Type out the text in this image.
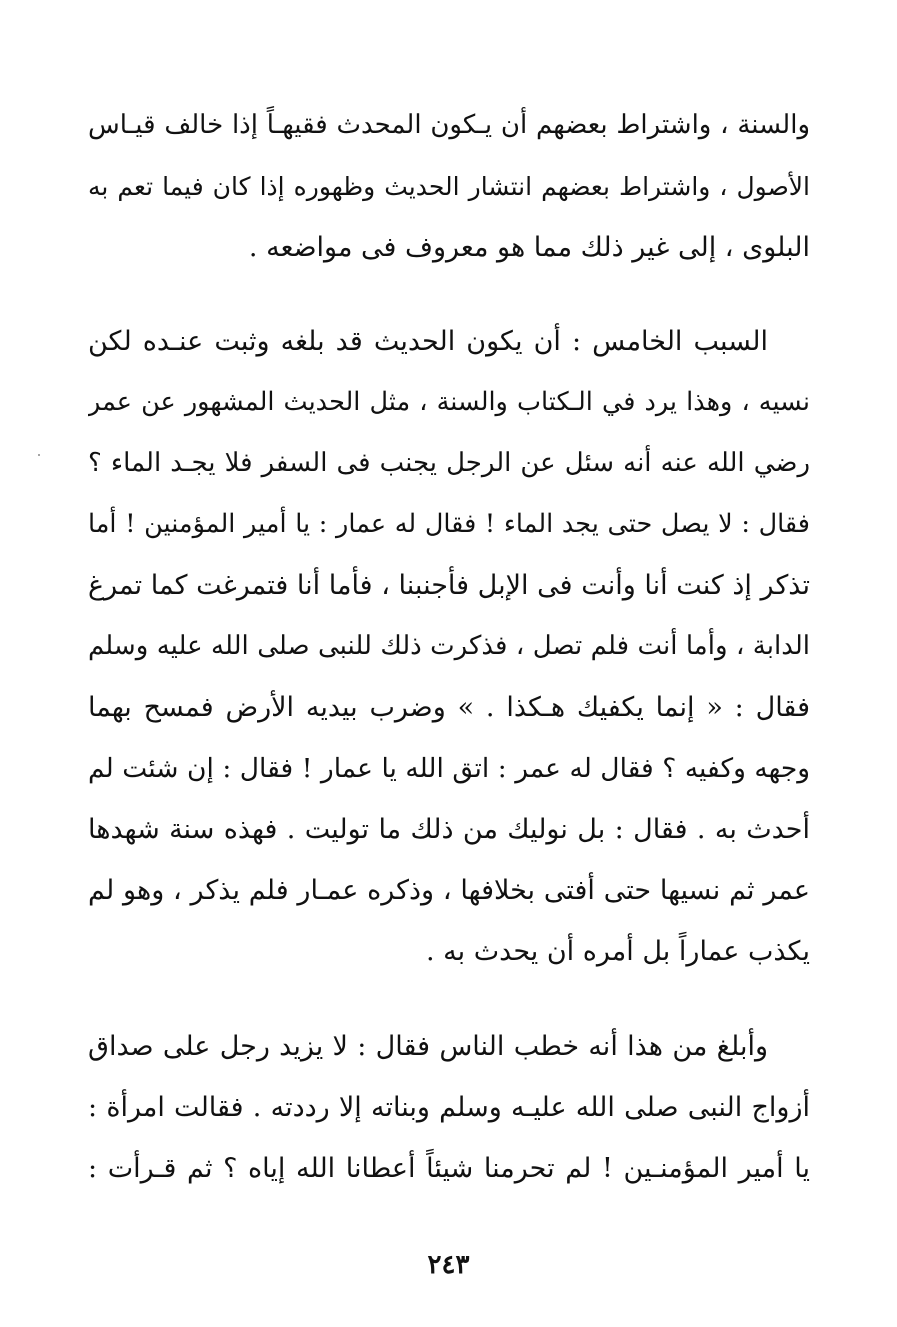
والسنة ، واشتراط بعضهم أن يـكون المحدث فقيهـاً إذا خالف قيـاس
الأصول ، واشتراط بعضهم انتشار الحديث وظهوره إذا كان فيما تعم به
البلوى ، إلى غير ذلك مما هو معروف فى مواضعه .
السبب الخامس : أن يكون الحديث قد بلغه وثبت عنـده لكن
نسيه ، وهذا يرد في الـكتاب والسنة ، مثل الحديث المشهور عن عمر
رضي الله عنه أنه سئل عن الرجل يجنب فى السفر فلا يجـد الماء ؟
فقال : لا يصل حتى يجد الماء ! فقال له عمار : يا أمير المؤمنين ! أما
تذكر إذ كنت أنا وأنت فى الإبل فأجنبنا ، فأما أنا فتمرغت كما تمرغ
الدابة ، وأما أنت فلم تصل ، فذكرت ذلك للنبى صلى الله عليه وسلم
فقال : « إنما يكفيك هـكذا . » وضرب بيديه الأرض فمسح بهما
وجهه وكفيه ؟ فقال له عمر : اتق الله يا عمار ! فقال : إن شئت لم
أحدث به . فقال : بل نوليك من ذلك ما توليت . فهذه سنة شهدها
عمر ثم نسيها حتى أفتى بخلافها ، وذكره عمـار فلم يذكر ، وهو لم
يكذب عماراً بل أمره أن يحدث به .
وأبلغ من هذا أنه خطب الناس فقال : لا يزيد رجل على صداق
أزواج النبى صلى الله عليـه وسلم وبناته إلا رددته . فقالت امرأة :
يا أمير المؤمنـين ! لم تحرمنا شيئاً أعطانا الله إياه ؟ ثم قـرأت :
٢٤٣
